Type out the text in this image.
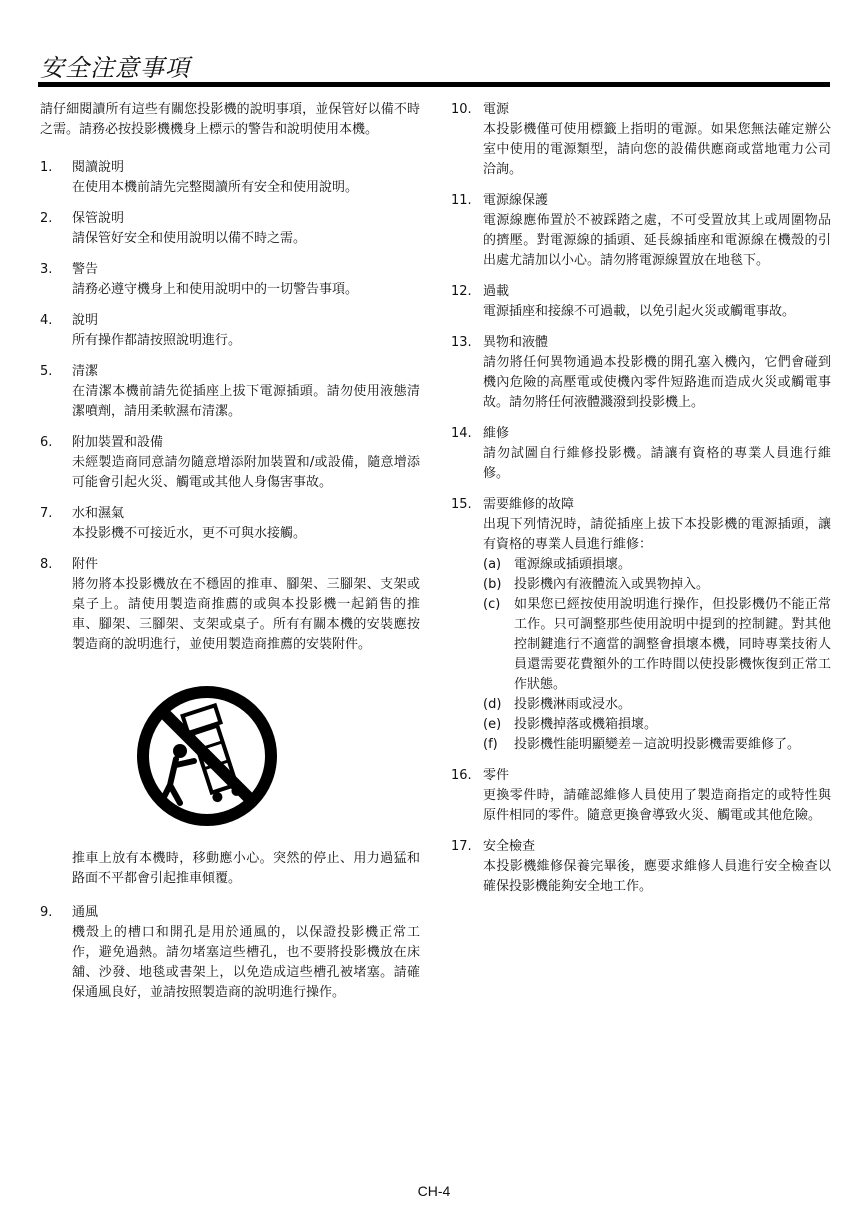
安全注意事項

請仔細閱讀所有這些有關您投影機的說明事項，並保管好以備不時之需。請務必按投影機機身上標示的警告和說明使用本機。

1. 閱讀說明
在使用本機前請先完整閱讀所有安全和使用說明。
2. 保管說明
請保管好安全和使用說明以備不時之需。
3. 警告
請務必遵守機身上和使用說明中的一切警告事項。
4. 說明
所有操作都請按照說明進行。
5. 清潔
在清潔本機前請先從插座上拔下電源插頭。請勿使用液態清潔噴劑，請用柔軟濕布清潔。
6. 附加裝置和設備
未經製造商同意請勿隨意增添附加裝置和/或設備，隨意增添可能會引起火災、觸電或其他人身傷害事故。
7. 水和濕氣
本投影機不可接近水，更不可與水接觸。
8. 附件
將勿將本投影機放在不穩固的推車、腳架、三腳架、支架或桌子上。請使用製造商推薦的或與本投影機一起銷售的推車、腳架、三腳架、支架或桌子。所有有關本機的安裝應按製造商的說明進行，並使用製造商推薦的安裝附件。

推車上放有本機時，移動應小心。突然的停止、用力過猛和路面不平都會引起推車傾覆。

9. 通風
機殼上的槽口和開孔是用於通風的，以保證投影機正常工作，避免過熱。請勿堵塞這些槽孔，也不要將投影機放在床舖、沙發、地毯或書架上，以免造成這些槽孔被堵塞。請確保通風良好，並請按照製造商的說明進行操作。
10. 電源
本投影機僅可使用標籤上指明的電源。如果您無法確定辦公室中使用的電源類型，請向您的設備供應商或當地電力公司洽詢。
11. 電源線保護
電源線應佈置於不被踩踏之處，不可受置放其上或周圍物品的擠壓。對電源線的插頭、延長線插座和電源線在機殼的引出處尤請加以小心。請勿將電源線置放在地毯下。
12. 過載
電源插座和接線不可過載，以免引起火災或觸電事故。
13. 異物和液體
請勿將任何異物通過本投影機的開孔塞入機內，它們會碰到機內危險的高壓電或使機內零件短路進而造成火災或觸電事故。請勿將任何液體濺潑到投影機上。
14. 維修
請勿試圖自行維修投影機。請讓有資格的專業人員進行維修。
15. 需要維修的故障
出現下列情況時，請從插座上拔下本投影機的電源插頭，讓有資格的專業人員進行維修：
(a) 電源線或插頭損壞。
(b) 投影機內有液體流入或異物掉入。
(c) 如果您已經按使用說明進行操作，但投影機仍不能正常工作。只可調整那些使用說明中提到的控制鍵。對其他控制鍵進行不適當的調整會損壞本機，同時專業技術人員還需要花費額外的工作時間以使投影機恢復到正常工作狀態。
(d) 投影機淋雨或浸水。
(e) 投影機掉落或機箱損壞。
(f) 投影機性能明顯變差－這說明投影機需要維修了。
16. 零件
更換零件時，請確認維修人員使用了製造商指定的或特性與原件相同的零件。隨意更換會導致火災、觸電或其他危險。
17. 安全檢查
本投影機維修保養完畢後，應要求維修人員進行安全檢查以確保投影機能夠安全地工作。
CH-4
